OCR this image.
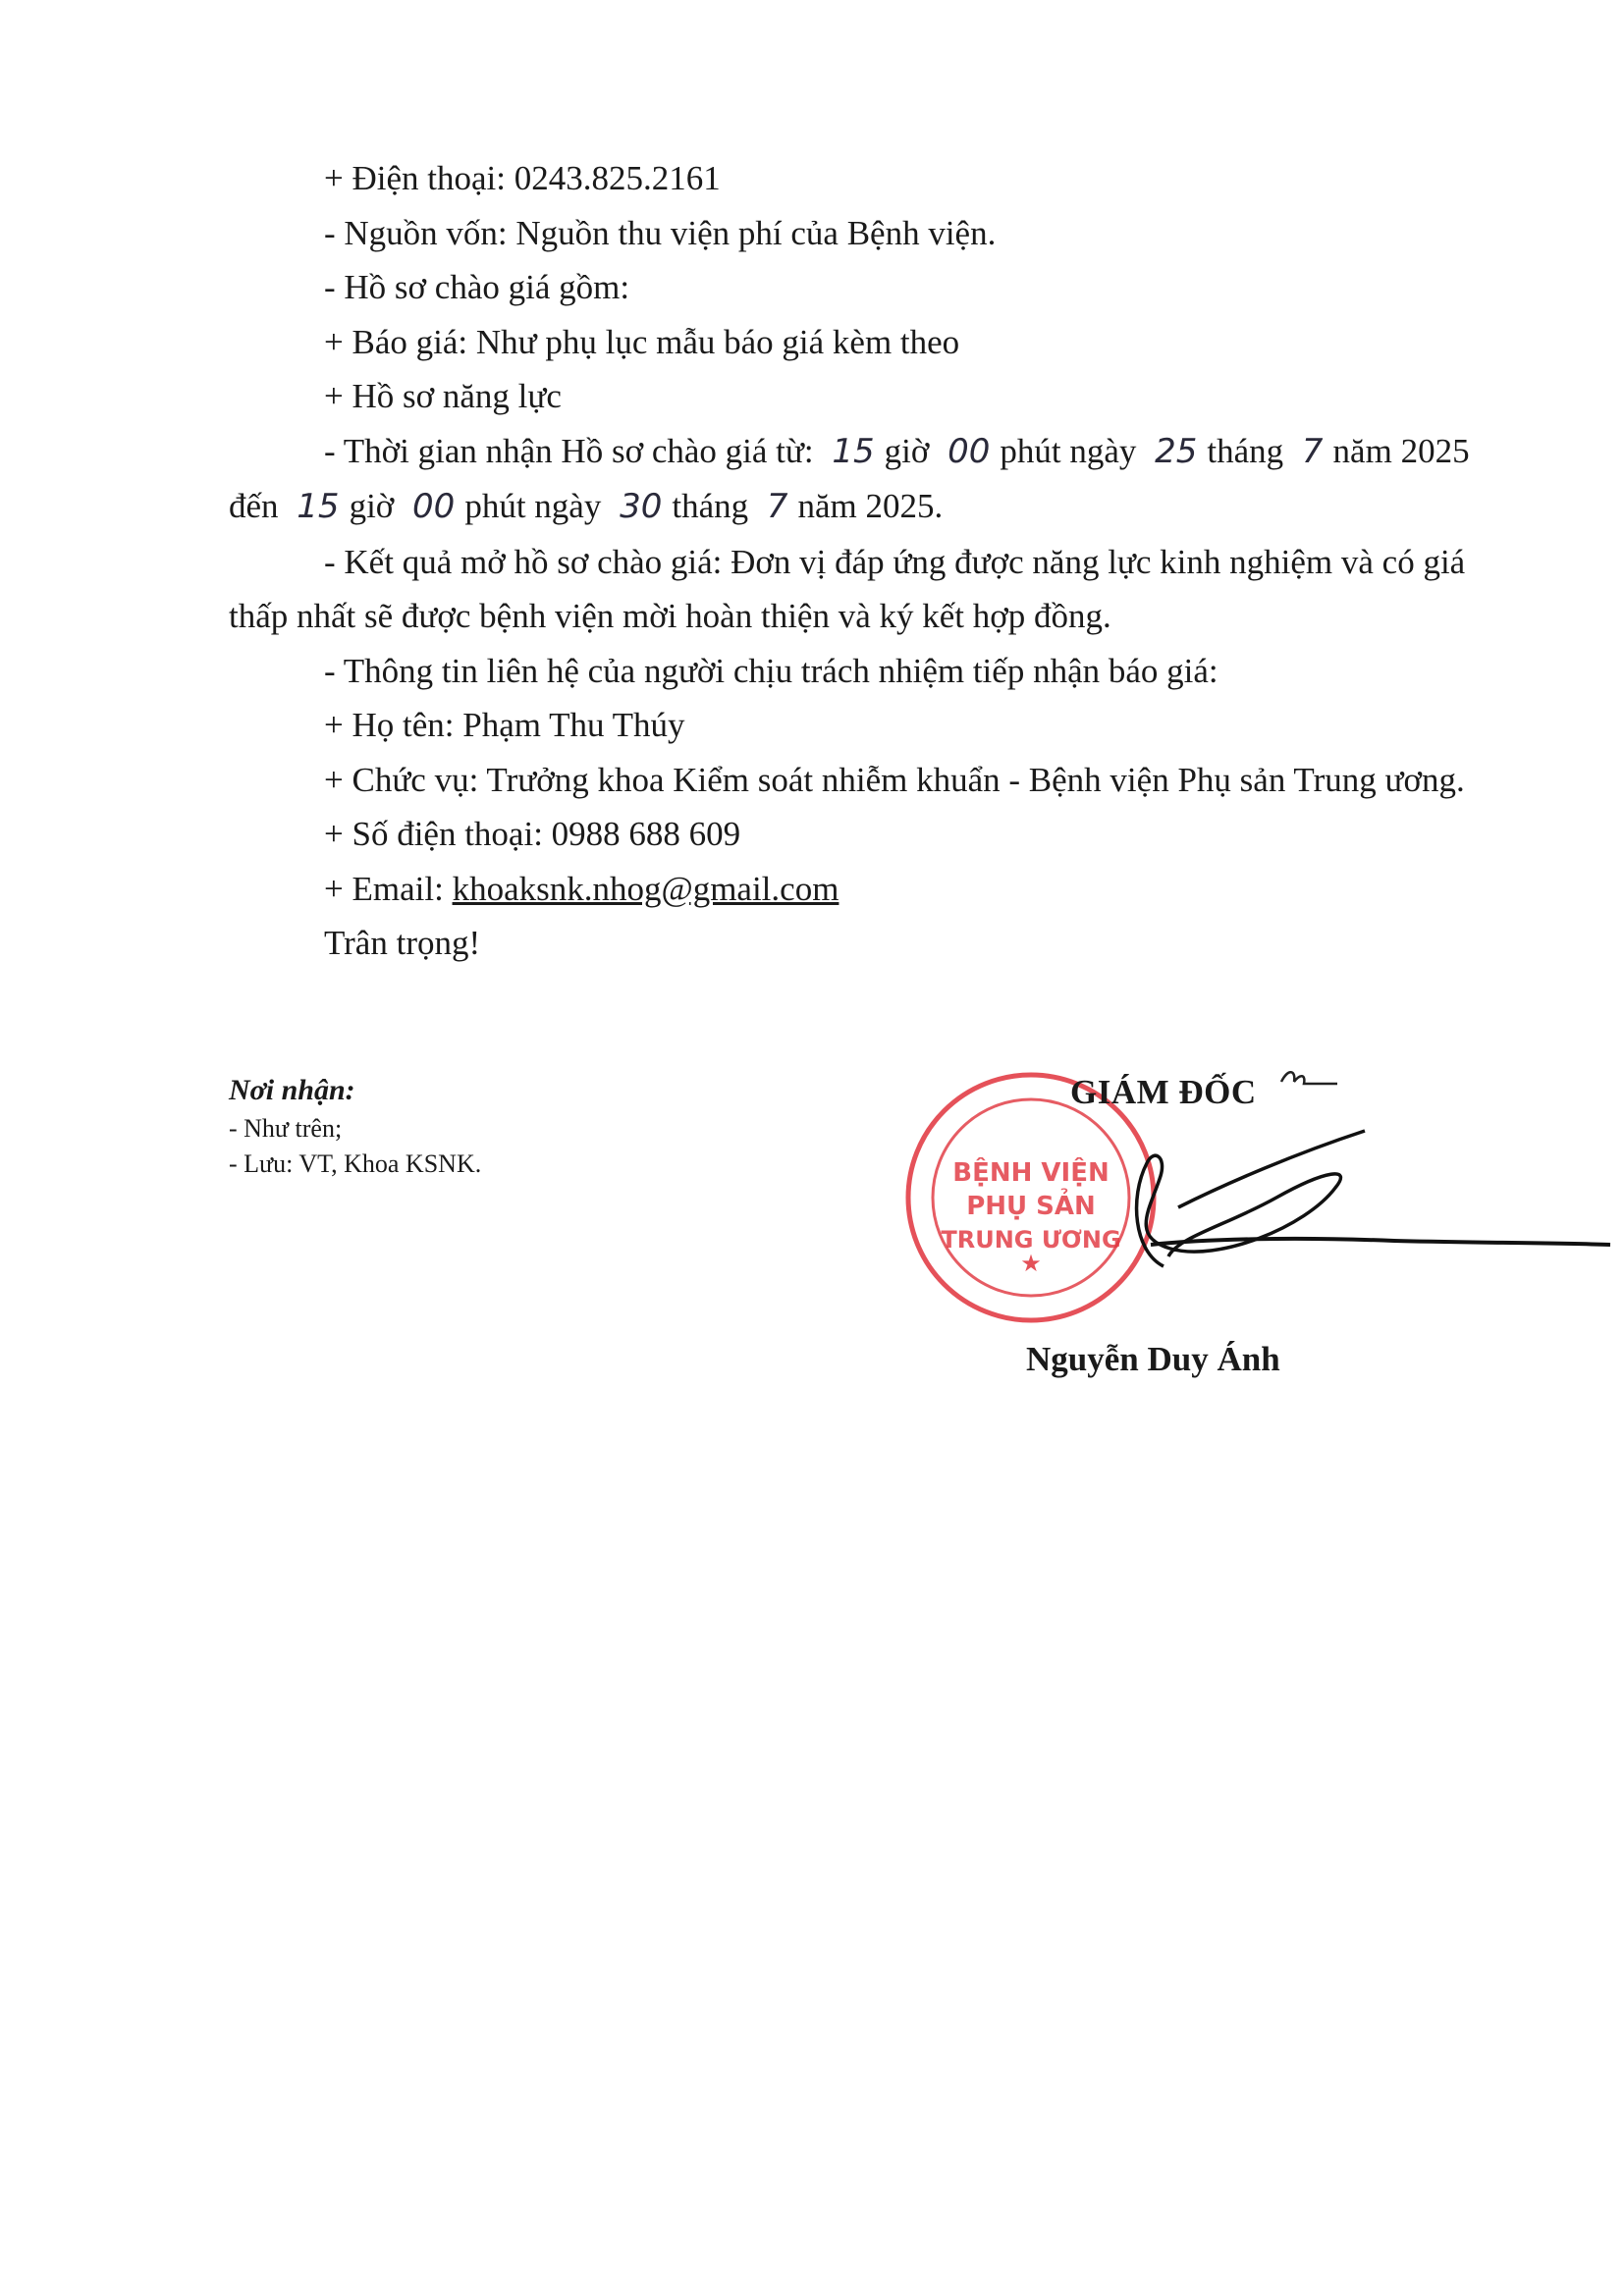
+ Điện thoại: 0243.825.2161

- Nguồn vốn: Nguồn thu viện phí của Bệnh viện.

- Hồ sơ chào giá gồm:

+ Báo giá: Như phụ lục mẫu báo giá kèm theo

+ Hồ sơ năng lực

- Thời gian nhận Hồ sơ chào giá từ: 15 giờ 00 phút ngày 25 tháng 7 năm 2025 đến 15 giờ 00 phút ngày 30 tháng 7 năm 2025.

- Kết quả mở hồ sơ chào giá: Đơn vị đáp ứng được năng lực kinh nghiệm và có giá thấp nhất sẽ được bệnh viện mời hoàn thiện và ký kết hợp đồng.

- Thông tin liên hệ của người chịu trách nhiệm tiếp nhận báo giá:

+ Họ tên: Phạm Thu Thúy

+ Chức vụ: Trưởng khoa Kiểm soát nhiễm khuẩn - Bệnh viện Phụ sản Trung ương.

+ Số điện thoại: 0988 688 609

+ Email: khoaksnk.nhog@gmail.com

Trân trọng!

Nơi nhận:
- Như trên;
- Lưu: VT, Khoa KSNK.
★
BỆNH VIỆN
PHỤ SẢN
TRUNG ƯƠNG
GIÁM ĐỐC
Nguyễn Duy Ánh
